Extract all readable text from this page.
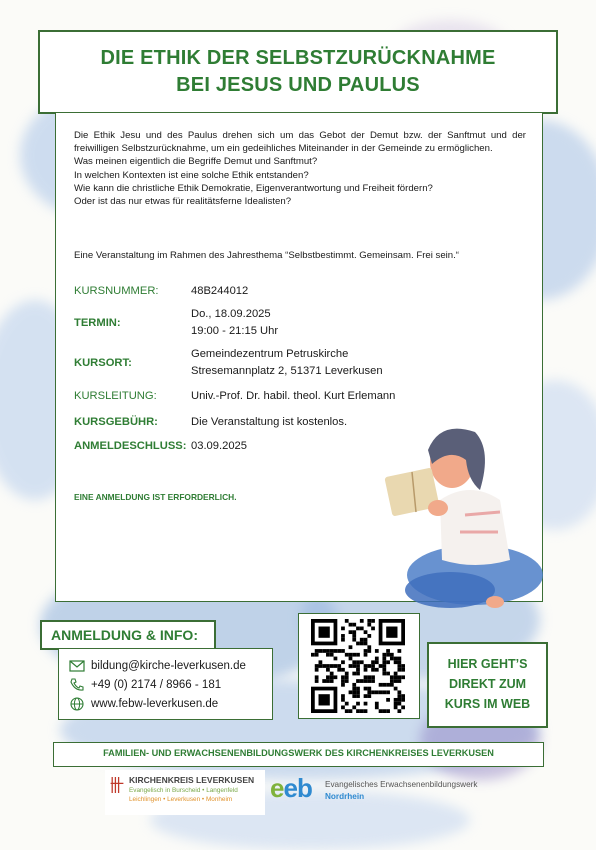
DIE ETHIK DER SELBSTZURÜCKNAHME
BEI JESUS UND PAULUS

Die Ethik Jesu und des Paulus drehen sich um das Gebot der Demut bzw. der Sanftmut und der freiwilligen Selbstzurücknahme, um ein gedeihliches Miteinander in der Gemeinde zu ermöglichen.

Was meinen eigentlich die Begriffe Demut und Sanftmut?

In welchen Kontexten ist eine solche Ethik entstanden?

Wie kann die christliche Ethik Demokratie, Eigenverantwortung und Freiheit fördern?

Oder ist das nur etwas für realitätsferne Idealisten?

Eine Veranstaltung im Rahmen des Jahresthema “Selbstbestimmt. Gemeinsam. Frei sein.“
KURSNUMMER:	48B244012
TERMIN:
Do., 18.09.2025
19:00 - 21:15 Uhr
KURSORT:
Gemeindezentrum Petruskirche
Stresemannplatz 2, 51371 Leverkusen
KURSLEITUNG:	Univ.-Prof. Dr. habil. theol. Kurt Erlemann
KURSGEBÜHR:	Die Veranstaltung ist kostenlos.
ANMELDESCHLUSS: 03.09.2025
EINE ANMELDUNG IST ERFORDERLICH.
ANMELDUNG & INFO:
bildung@kirche-leverkusen.de
+49 (0) 2174 / 8966 - 181
www.febw-leverkusen.de
HIER GEHT’S
DIREKT ZUM
KURS IM WEB
FAMILIEN- UND ERWACHSENENBILDUNGSWERK DES KIRCHENKREISES LEVERKUSEN
KIRCHENKREIS LEVERKUSEN
Evangelisch in Burscheid • Langenfeld
Leichlingen • Leverkusen • Monheim eeb Evangelisches Erwachsenenbildungswerk
Nordrhein
